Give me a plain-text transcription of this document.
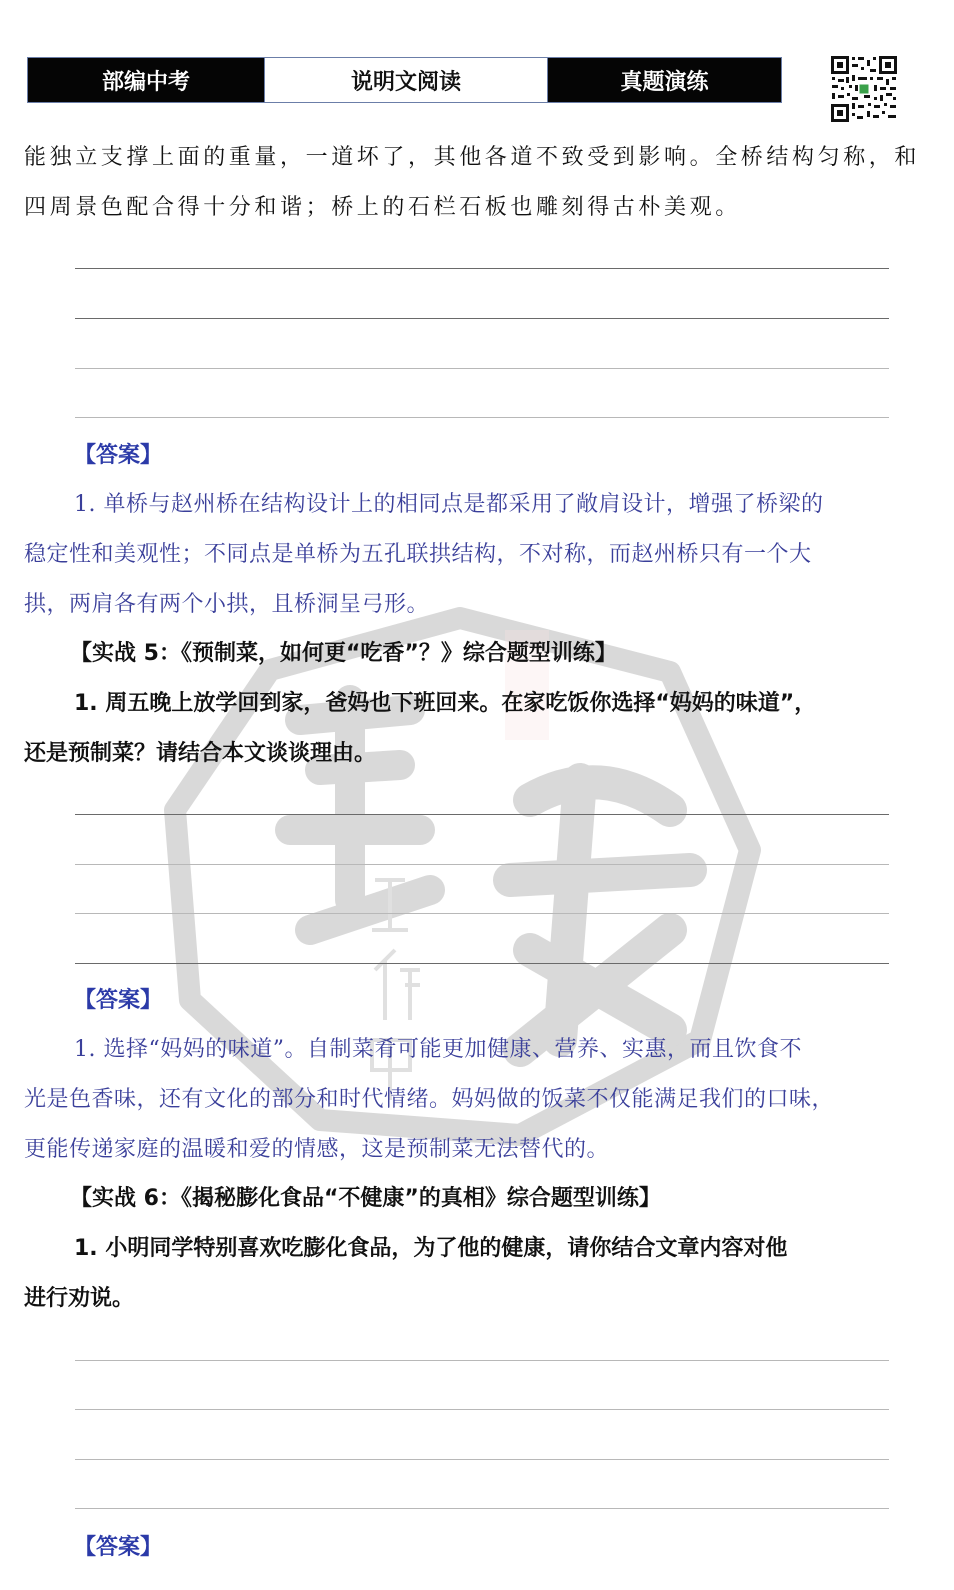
部编中考	说明文阅读	真题演练
能独立支撑上面的重量，一道坏了，其他各道不致受到影响。全桥结构匀称，和
四周景色配合得十分和谐；桥上的石栏石板也雕刻得古朴美观。
【答案】
1. 单桥与赵州桥在结构设计上的相同点是都采用了敞肩设计，增强了桥梁的
稳定性和美观性；不同点是单桥为五孔联拱结构，不对称，而赵州桥只有一个大
拱，两肩各有两个小拱，且桥洞呈弓形。
【实战 5：《预制菜，如何更“吃香”？》综合题型训练】
1. 周五晚上放学回到家，爸妈也下班回来。在家吃饭你选择“妈妈的味道”，
还是预制菜？请结合本文谈谈理由。
【答案】
1. 选择“妈妈的味道”。自制菜肴可能更加健康、营养、实惠，而且饮食不
光是色香味，还有文化的部分和时代情绪。妈妈做的饭菜不仅能满足我们的口味，
更能传递家庭的温暖和爱的情感，这是预制菜无法替代的。
【实战 6：《揭秘膨化食品“不健康”的真相》综合题型训练】
1. 小明同学特别喜欢吃膨化食品，为了他的健康，请你结合文章内容对他
进行劝说。
【答案】
